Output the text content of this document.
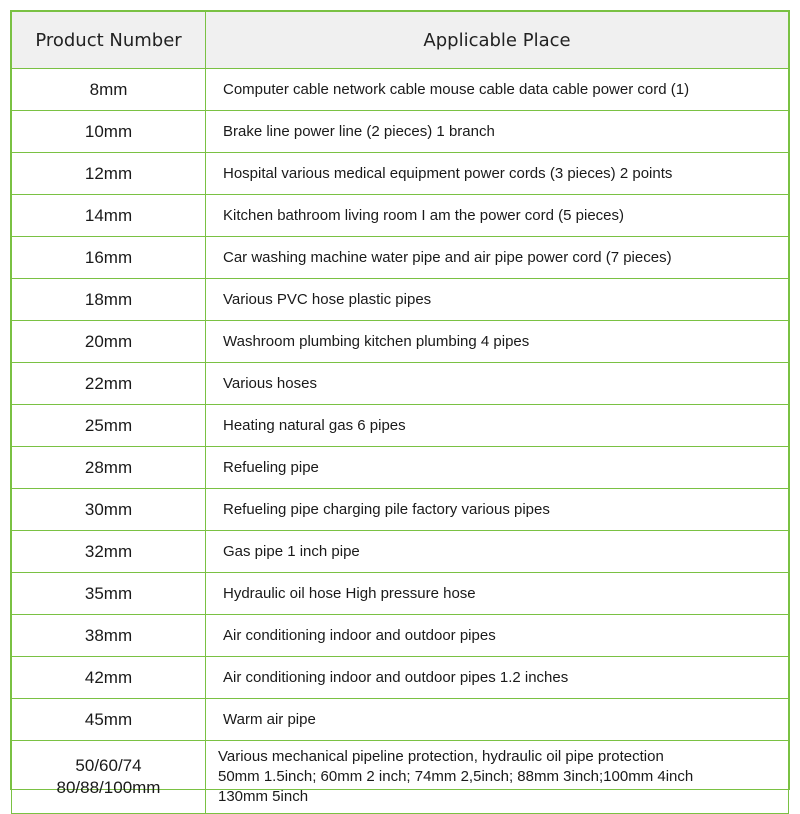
Product Number	Applicable Place
8mm	Computer cable network cable mouse cable data cable power cord (1)
10mm	Brake line power line (2 pieces) 1 branch
12mm	Hospital various medical equipment power cords (3 pieces) 2 points
14mm	Kitchen bathroom living room I am the power cord (5 pieces)
16mm	Car washing machine water pipe and air pipe power cord (7 pieces)
18mm	Various PVC hose plastic pipes
20mm	Washroom plumbing kitchen plumbing 4 pipes
22mm	Various hoses
25mm	Heating natural gas 6 pipes
28mm	Refueling pipe
30mm	Refueling pipe charging pile factory various pipes
32mm	Gas pipe 1 inch pipe
35mm	Hydraulic oil hose High pressure hose
38mm	Air conditioning indoor and outdoor pipes
42mm	Air conditioning indoor and outdoor pipes 1.2 inches
45mm	Warm air pipe

50/60/74
80/88/100mm	Various mechanical pipeline protection, hydraulic oil pipe protection
50mm 1.5inch; 60mm 2 inch; 74mm 2,5inch; 88mm 3inch;100mm 4inch
130mm 5inch
